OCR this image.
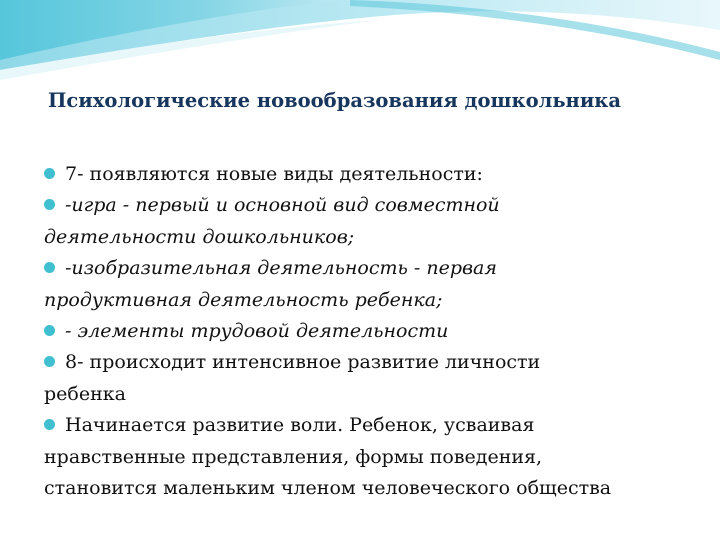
Психологические новообразования дошкольника
7- появляются новые виды деятельности:
-игра - первый и основной вид совместной
деятельности дошкольников;
-изобразительная деятельность - первая
продуктивная деятельность ребенка;
- элементы трудовой деятельности
8- происходит интенсивное развитие личности
ребенка
Начинается развитие воли. Ребенок, усваивая
нравственные представления, формы поведения,
становится маленьким членом человеческого общества
